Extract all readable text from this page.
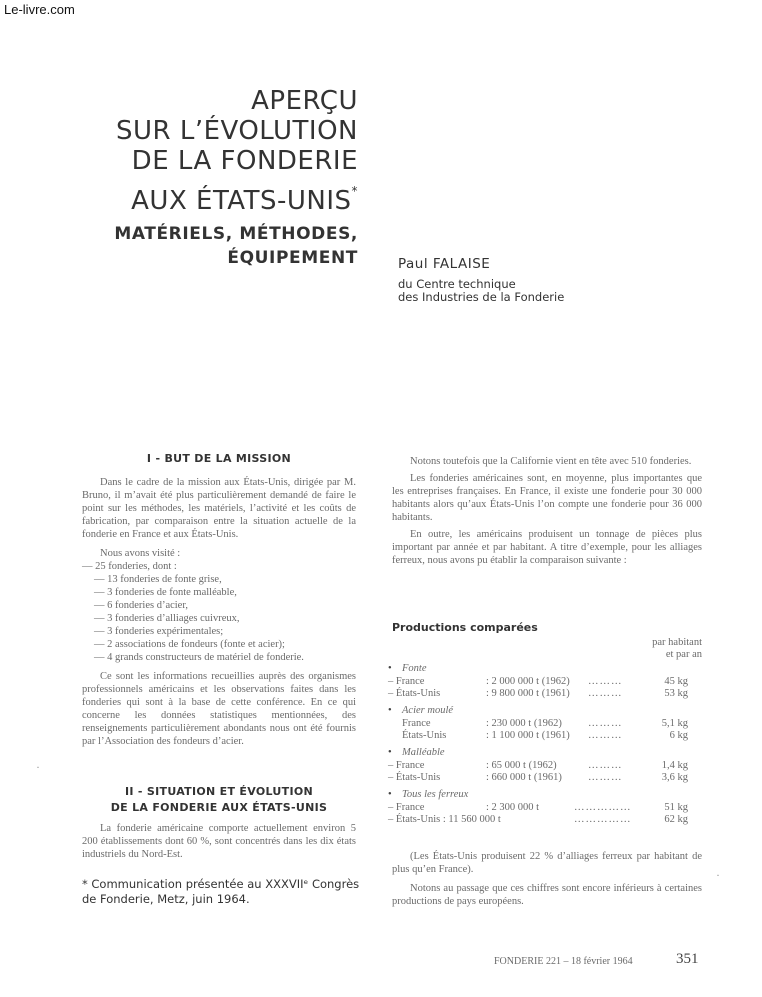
Le-livre.com
APERÇU
SUR L’ÉVOLUTION
DE LA FONDERIE
AUX ÉTATS-UNIS*
MATÉRIELS, MÉTHODES,
ÉQUIPEMENT	Paul FALAISE
du Centre technique
des Industries de la Fonderie
I - BUT DE LA MISSION

Dans le cadre de la mission aux États-Unis, dirigée par M. Bruno, il m’avait été plus particulièrement demandé de faire le point sur les méthodes, les matériels, l’activité et les coûts de fabrication, par comparaison entre la situation actuelle de la fonderie en France et aux États-Unis.

Nous avons visité :

— 25 fonderies, dont :
— 13 fonderies de fonte grise,
— 3 fonderies de fonte malléable,
— 6 fonderies d’acier,
— 3 fonderies d’alliages cuivreux,
— 3 fonderies expérimentales;
— 2 associations de fondeurs (fonte et acier);
— 4 grands constructeurs de matériel de fonderie.

Ce sont les informations recueillies auprès des organismes professionnels américains et les observations faites dans les fonderies qui sont à la base de cette conférence. En ce qui concerne les données statistiques mentionnées, des renseignements particulièrement abondants nous ont été fournis par l’Association des fondeurs d’acier.

II - SITUATION ET ÉVOLUTION
DE LA FONDERIE AUX ÉTATS-UNIS

La fonderie américaine comporte actuellement environ 5 200 établissements dont 60 %, sont concentrés dans les dix états industriels du Nord-Est.

* Communication présentée au XXXVIIᵉ Congrès de Fonderie, Metz, juin 1964.
·

Notons toutefois que la Californie vient en tête avec 510 fonderies.

Les fonderies américaines sont, en moyenne, plus importantes que les entreprises françaises. En France, il existe une fonderie pour 30 000 habitants alors qu’aux États-Unis l’on compte une fonderie pour 36 000 habitants.

En outre, les américains produisent un tonnage de pièces plus important par année et par habitant. A titre d’exemple, pour les alliages ferreux, nous avons pu établir la comparaison suivante :

Productions comparées
par habitant
et par an
• Fonte
– France	: 2 000 000 t (1962) ………	45 kg
– États-Unis	: 9 800 000 t (1961) ………	53 kg
• Acier moulé
France	: 230 000 t (1962) ………	5,1 kg
États-Unis	: 1 100 000 t (1961) ………	6 kg
• Malléable
– France	: 65 000 t (1962)	………	1,4 kg
– États-Unis	: 660 000 t (1961) ………	3,6 kg
• Tous les ferreux
– France	: 2 300 000 t	……………	51 kg
– États-Unis : 11 560 000 t	……………	62 kg

(Les États-Unis produisent 22 % d’alliages ferreux par habitant de plus qu’en France).

Notons au passage que ces chiffres sont encore inférieurs à certaines productions de pays européens.

·
FONDERIE 221 – 18 février 1964	351
